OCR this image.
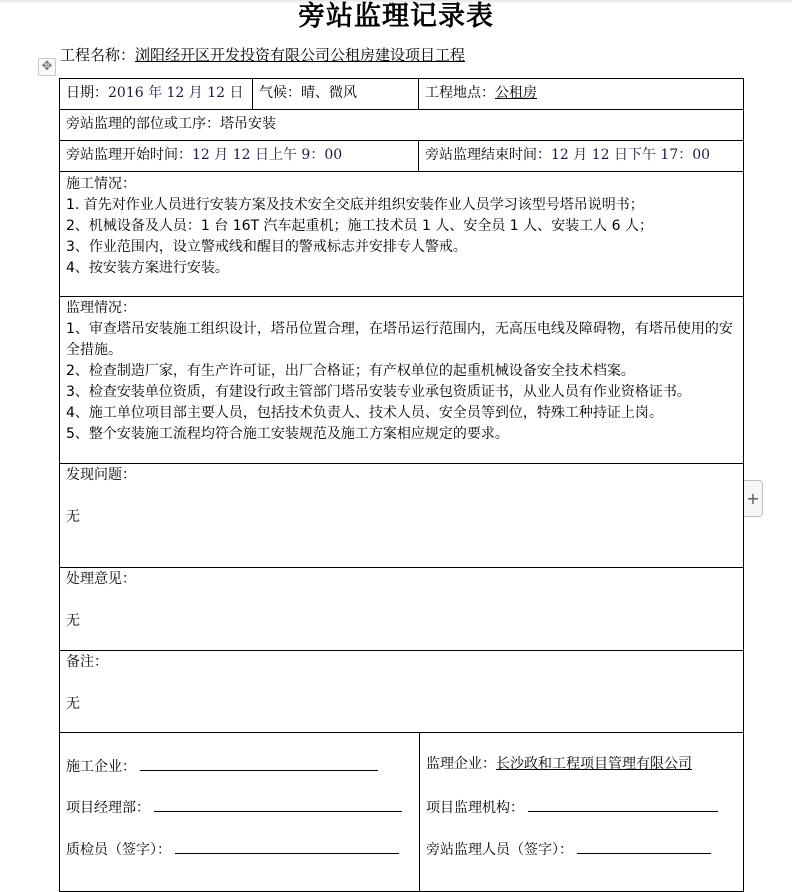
旁站监理记录表
✥
工程名称：浏阳经开区开发投资有限公司公租房建设项目工程
日期：2016 年 12 月 12 日	气候：晴、微风	工程地点：公租房
旁站监理的部位或工序：塔吊安装
旁站监理开始时间：12 月 12 日上午 9：00	旁站监理结束时间：12 月 12 日下午 17：00
施工情况：
1. 首先对作业人员进行安装方案及技术安全交底并组织安装作业人员学习该型号塔吊说明书；
2、机械设备及人员：1 台 16T 汽车起重机；施工技术员 1 人、安全员 1 人、安装工人 6 人；
3、作业范围内，设立警戒线和醒目的警戒标志并安排专人警戒。
4、按安装方案进行安装。
监理情况：
1、审查塔吊安装施工组织设计，塔吊位置合理，在塔吊运行范围内，无高压电线及障碍物，有塔吊使用的安全措施。
2、检查制造厂家，有生产许可证，出厂合格证；有产权单位的起重机械设备安全技术档案。
3、检查安装单位资质，有建设行政主管部门塔吊安装专业承包资质证书，从业人员有作业资格证书。
4、施工单位项目部主要人员，包括技术负责人、技术人员、安全员等到位，特殊工种持证上岗。
5、整个安装施工流程均符合施工安装规范及施工方案相应规定的要求。
发现问题：
无
处理意见：
无
备注：
无
施工企业：
项目经理部：
质检员（签字）：
监理企业：长沙政和工程项目管理有限公司
项目监理机构：
旁站监理人员（签字）：
+
